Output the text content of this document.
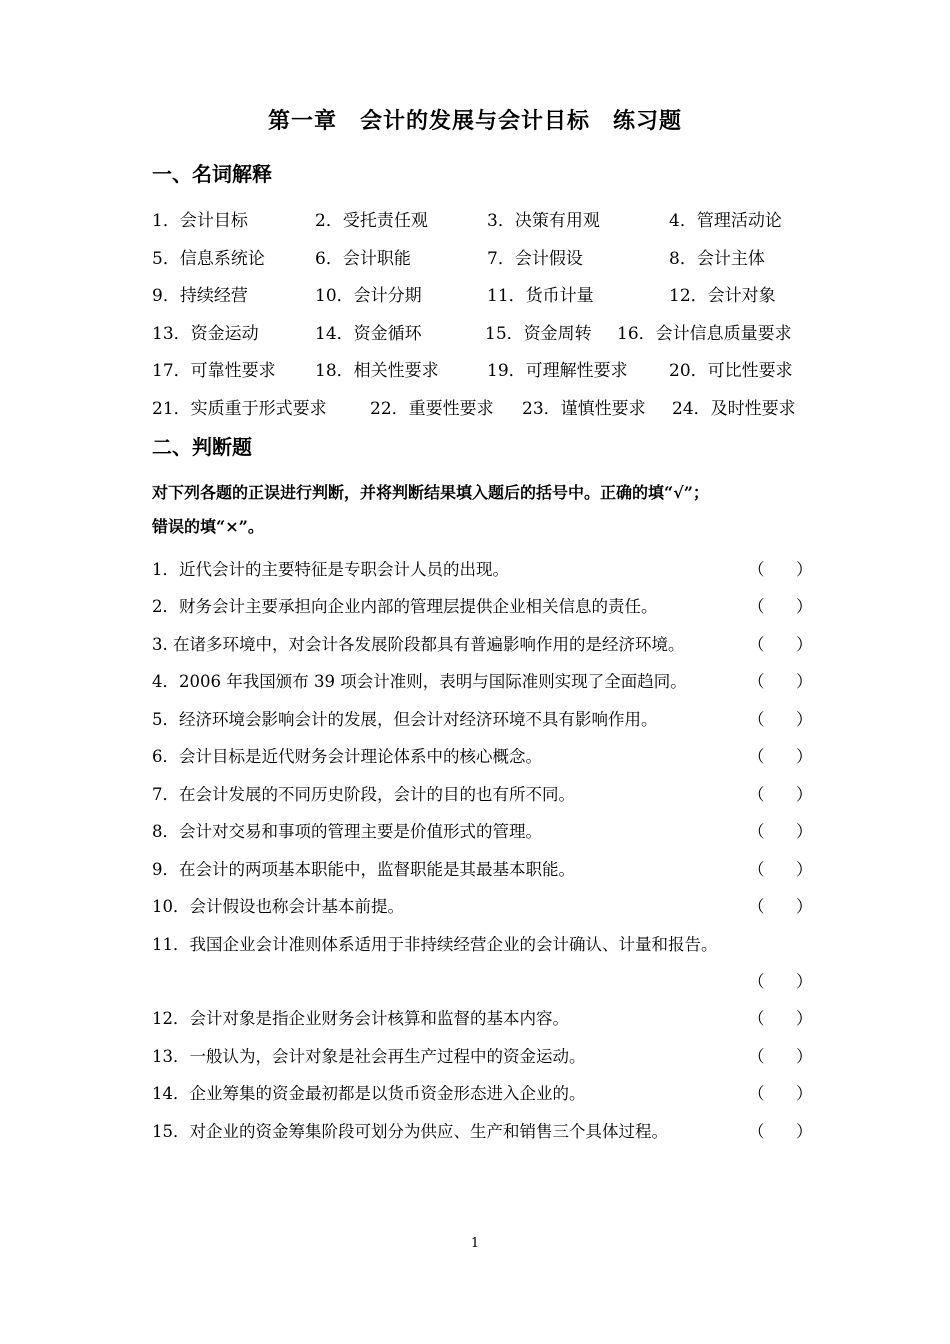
第一章　会计的发展与会计目标　练习题
一、名词解释
1．会计目标	2．受托责任观	3．决策有用观	4．管理活动论
5．信息系统论	6．会计职能	7．会计假设	8．会计主体
9．持续经营	10．会计分期	11．货币计量	12．会计对象
13．资金运动	14．资金循环	15．资金周转 16．会计信息质量要求
17．可靠性要求 18．相关性要求	19．可理解性要求 20．可比性要求
21．实质重于形式要求	22．重要性要求 23．谨慎性要求 24．及时性要求
二、判断题
对下列各题的正误进行判断，并将判断结果填入题后的括号中。正确的填“√”；
错误的填“×”。
1．近代会计的主要特征是专职会计人员的出现。	（ ）
2．财务会计主要承担向企业内部的管理层提供企业相关信息的责任。	（ ）
3. 在诸多环境中，对会计各发展阶段都具有普遍影响作用的是经济环境。	（ ）
4．2006 年我国颁布 39 项会计准则，表明与国际准则实现了全面趋同。	（ ）
5．经济环境会影响会计的发展，但会计对经济环境不具有影响作用。	（ ）
6．会计目标是近代财务会计理论体系中的核心概念。	（ ）
7．在会计发展的不同历史阶段，会计的目的也有所不同。	（ ）
8．会计对交易和事项的管理主要是价值形式的管理。	（ ）
9．在会计的两项基本职能中，监督职能是其最基本职能。	（ ）
10．会计假设也称会计基本前提。	（ ）
11．我国企业会计准则体系适用于非持续经营企业的会计确认、计量和报告。
（ ）
12．会计对象是指企业财务会计核算和监督的基本内容。	（ ）
13．一般认为，会计对象是社会再生产过程中的资金运动。	（ ）
14．企业筹集的资金最初都是以货币资金形态进入企业的。	（ ）
15．对企业的资金筹集阶段可划分为供应、生产和销售三个具体过程。	（ ）
1
